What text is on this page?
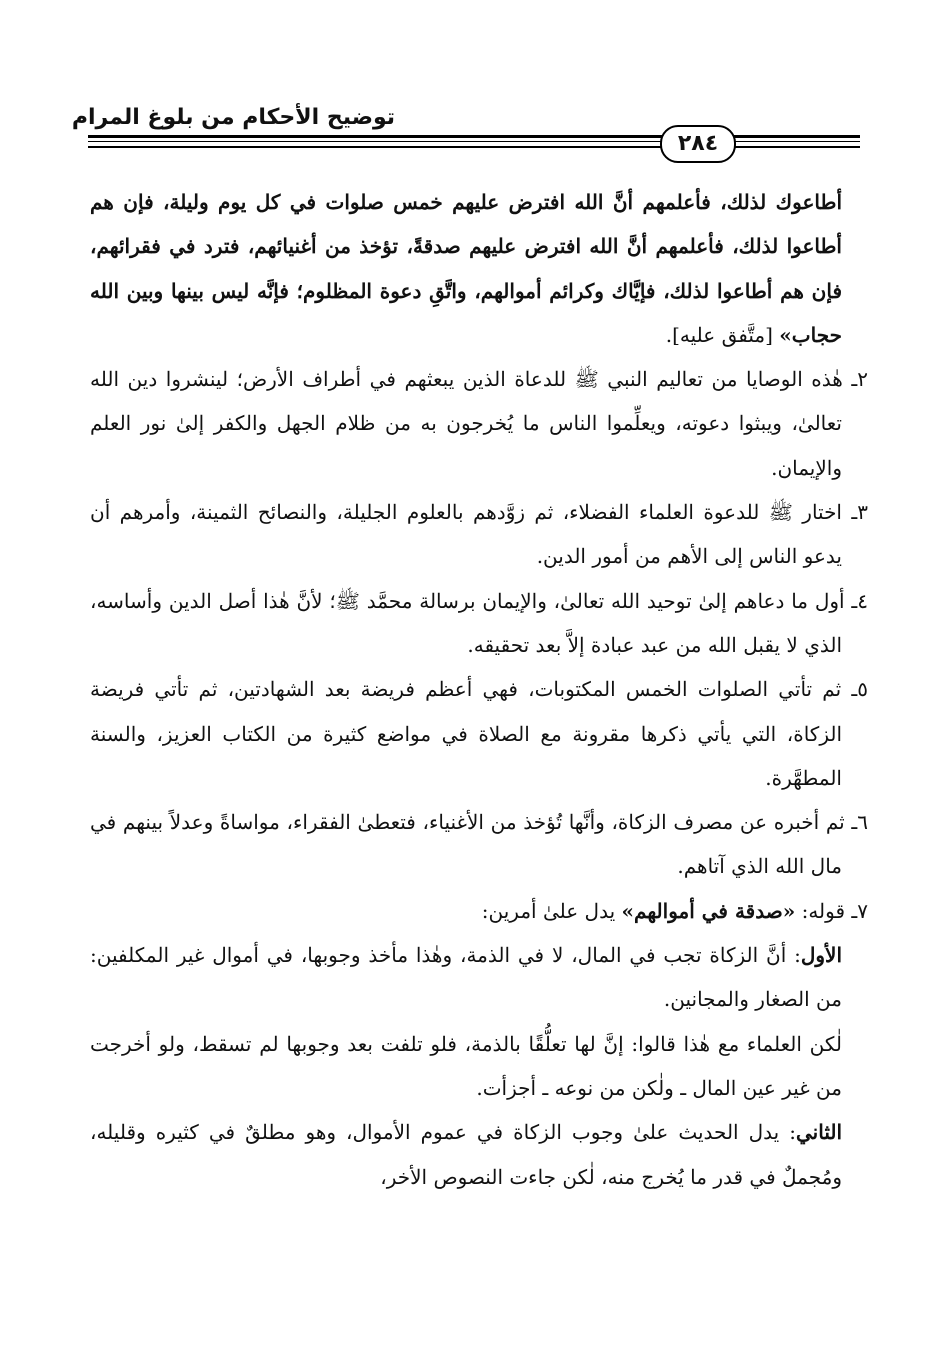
توضيح الأحكام من بلوغ المرام
٢٨٤

أطاعوك لذلك، فأعلمهم أنَّ الله افترض عليهم خمس صلوات في كل يوم وليلة، فإن هم أطاعوا لذلك، فأعلمهم أنَّ الله افترض عليهم صدقةً، تؤخذ من أغنيائهم، فترد في فقرائهم، فإن هم أطاعوا لذلك، فإيَّاك وكرائم أموالهم، واتَّقِ دعوة المظلوم؛ فإنَّه ليس بينها وبين الله حجاب» [متَّفق عليه].

٢ـ هٰذه الوصايا من تعاليم النبي ﷺ للدعاة الذين يبعثهم في أطراف الأرض؛ لينشروا دين الله تعالىٰ، ويبثوا دعوته، ويعلِّموا الناس ما يُخرجون به من ظلام الجهل والكفر إلىٰ نور العلم والإيمان.

٣ـ اختار ﷺ للدعوة العلماء الفضلاء، ثم زوَّدهم بالعلوم الجليلة، والنصائح الثمينة، وأمرهم أن يدعو الناس إلى الأهم من أمور الدين.

٤ـ أول ما دعاهم إلىٰ توحيد الله تعالىٰ، والإيمان برسالة محمَّد ﷺ؛ لأنَّ هٰذا أصل الدين وأساسه، الذي لا يقبل الله من عبد عبادة إلاَّ بعد تحقيقه.

٥ـ ثم تأتي الصلوات الخمس المكتوبات، فهي أعظم فريضة بعد الشهادتين، ثم تأتي فريضة الزكاة، التي يأتي ذكرها مقرونة مع الصلاة في مواضع كثيرة من الكتاب العزيز، والسنة المطهَّرة.

٦ـ ثم أخبره عن مصرف الزكاة، وأنَّها تُؤخذ من الأغنياء، فتعطىٰ الفقراء، مواساةً وعدلاً بينهم في مال الله الذي آتاهم.

٧ـ قوله: «صدقة في أموالهم» يدل علىٰ أمرين:

الأول: أنَّ الزكاة تجب في المال، لا في الذمة، وهٰذا مأخذ وجوبها، في أموال غير المكلفين: من الصغار والمجانين.

لٰكن العلماء مع هٰذا قالوا: إنَّ لها تعلُّقًا بالذمة، فلو تلفت بعد وجوبها لم تسقط، ولو أخرجت من غير عين المال ـ ولٰكن من نوعه ـ أجزأت.

الثاني: يدل الحديث علىٰ وجوب الزكاة في عموم الأموال، وهو مطلقٌ في كثيره وقليله، ومُجملٌ في قدر ما يُخرج منه، لٰكن جاءت النصوص الأخر،
